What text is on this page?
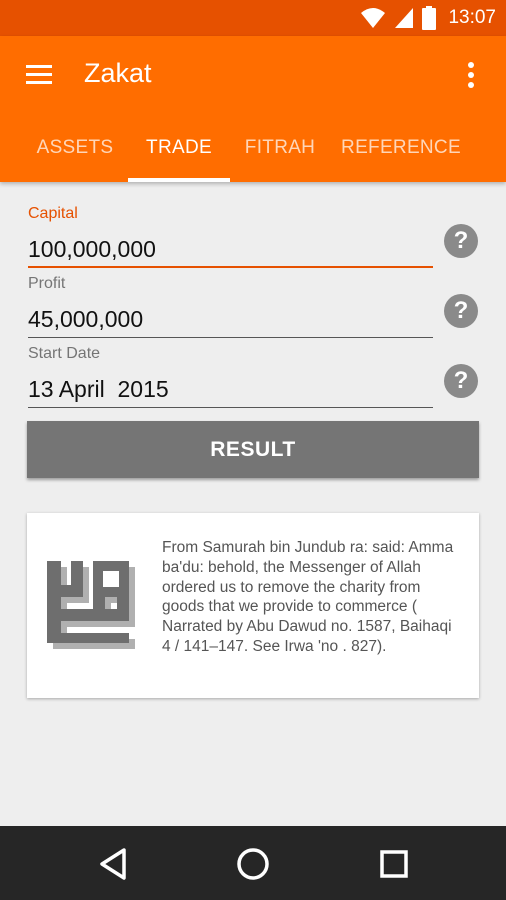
13:07
Zakat
ASSETS	TRADE	FITRAH	REFERENCE
Capital
100,000,000
Profit
45,000,000
Start Date
13 April 2015
?
?
?
RESULT
From Samurah bin Jundub ra: said: Amma ba'du: behold, the Messenger of Allah ordered us to remove the charity from goods that we provide to commerce ( Narrated by Abu Dawud no. 1587, Baihaqi 4 / 141–147. See Irwa 'no . 827).
